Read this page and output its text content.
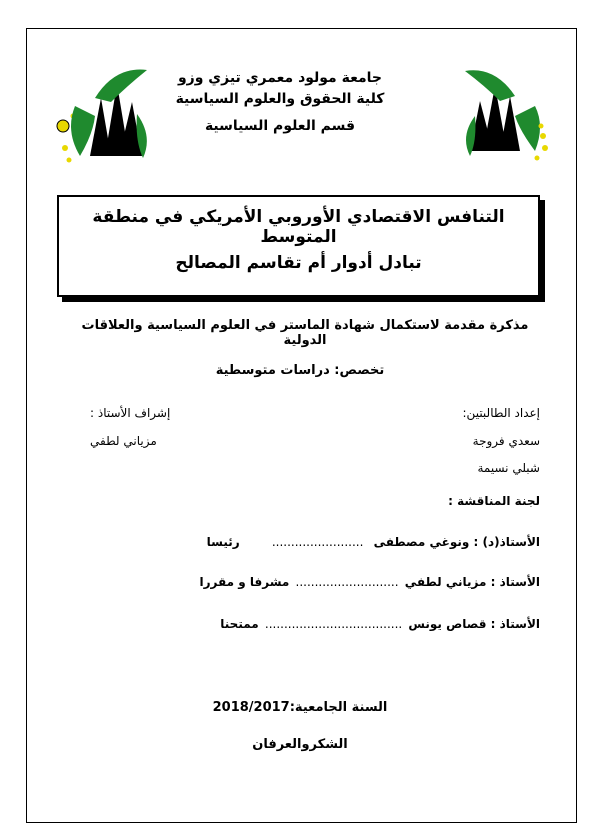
جامعة مولود معمري تيزي وزو
كلية الحقوق والعلوم السياسية
قسم العلوم السياسية
التنافس الاقتصادي الأوروبي الأمريكي في منطقة المتوسط
تبادل أدوار أم تقاسم المصالح
مذكرة مقدمة لاستكمال شهادة الماستر في العلوم السياسية والعلاقات الدولية
تخصص: دراسات متوسطية
إعداد الطالبتين:
سعدي فروجة
شبلي نسيمة
إشراف الأستاذ :
مزياني لطفي
لجنة المناقشة :
الأستاذ(د) : ونوغي مصطفى ........................ رئيسا
الأستاذ : مزياني لطفي ........................... مشرفا و مقررا
الأستاذ : قصاص يونس .................................... ممتحنا
السنة الجامعية:2018/2017
الشكروالعرفان
